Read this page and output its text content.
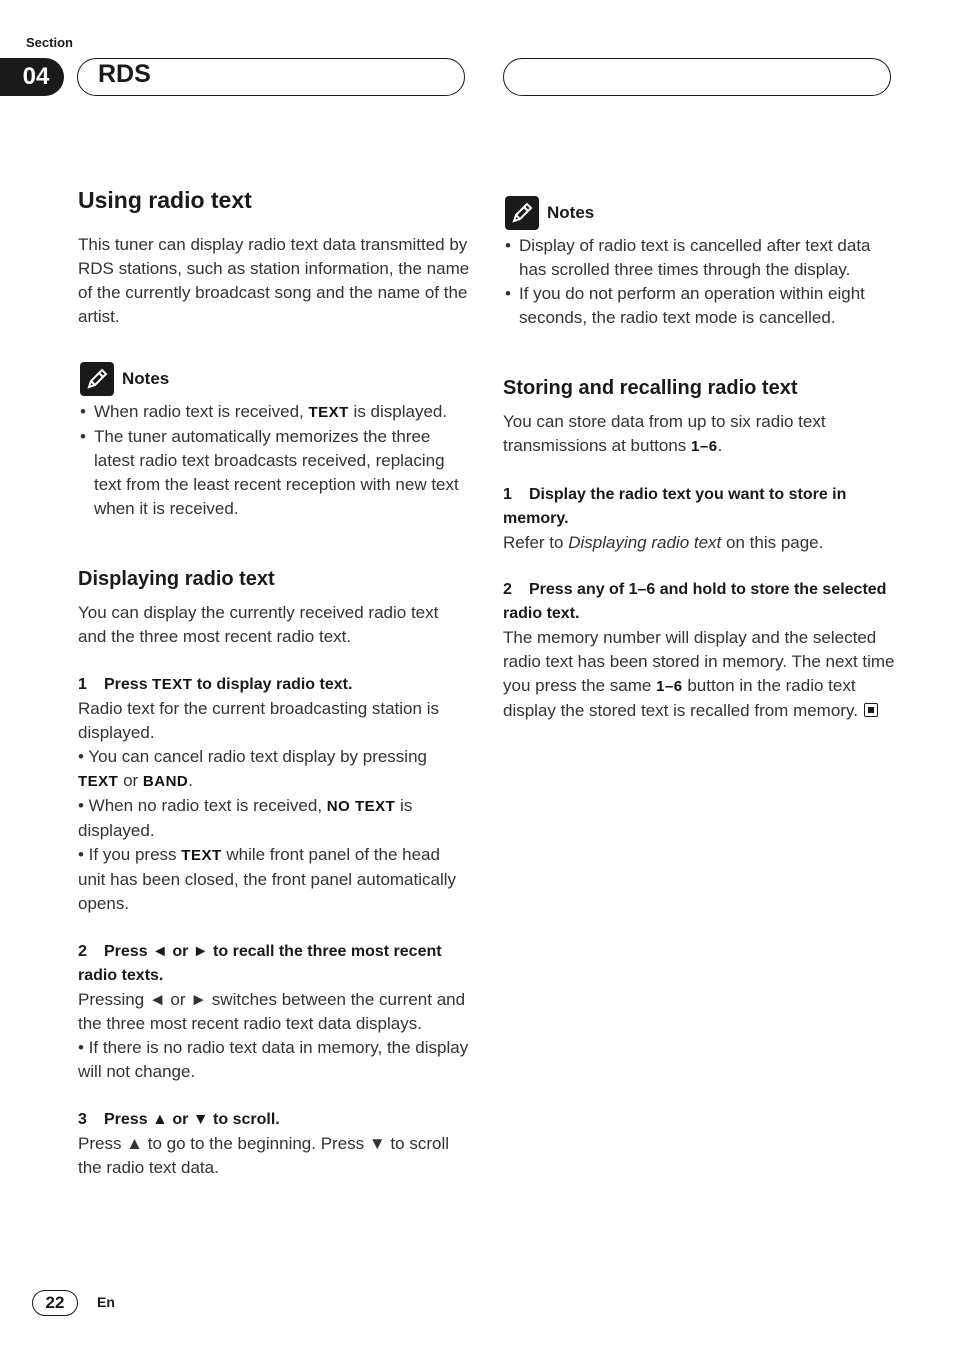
Section
04	RDS
Using radio text

This tuner can display radio text data transmitted by RDS stations, such as station information, the name of the currently broadcast song and the name of the artist.

Notes
• When radio text is received, TEXT is displayed.
• The tuner automatically memorizes the three latest radio text broadcasts received, replacing text from the least recent reception with new text when it is received.
Displaying radio text

You can display the currently received radio text and the three most recent radio text.

1 Press TEXT to display radio text.

Radio text for the current broadcasting station is displayed.

• You can cancel radio text display by pressing TEXT or BAND.

• When no radio text is received, NO TEXT is displayed.

• If you press TEXT while front panel of the head unit has been closed, the front panel automatically opens.

2 Press ◄ or ► to recall the three most recent radio texts.

Pressing ◄ or ► switches between the current and the three most recent radio text data displays.

• If there is no radio text data in memory, the display will not change.

3 Press ▲ or ▼ to scroll.

Press ▲ to go to the beginning. Press ▼ to scroll the radio text data.

Notes
• Display of radio text is cancelled after text data has scrolled three times through the display.
• If you do not perform an operation within eight seconds, the radio text mode is cancelled.
Storing and recalling radio text

You can store data from up to six radio text transmissions at buttons 1–6.

1 Display the radio text you want to store in memory.

Refer to Displaying radio text on this page.

2 Press any of 1–6 and hold to store the selected radio text.

The memory number will display and the selected radio text has been stored in memory. The next time you press the same 1–6 button in the radio text display the stored text is recalled from memory.

22	En
